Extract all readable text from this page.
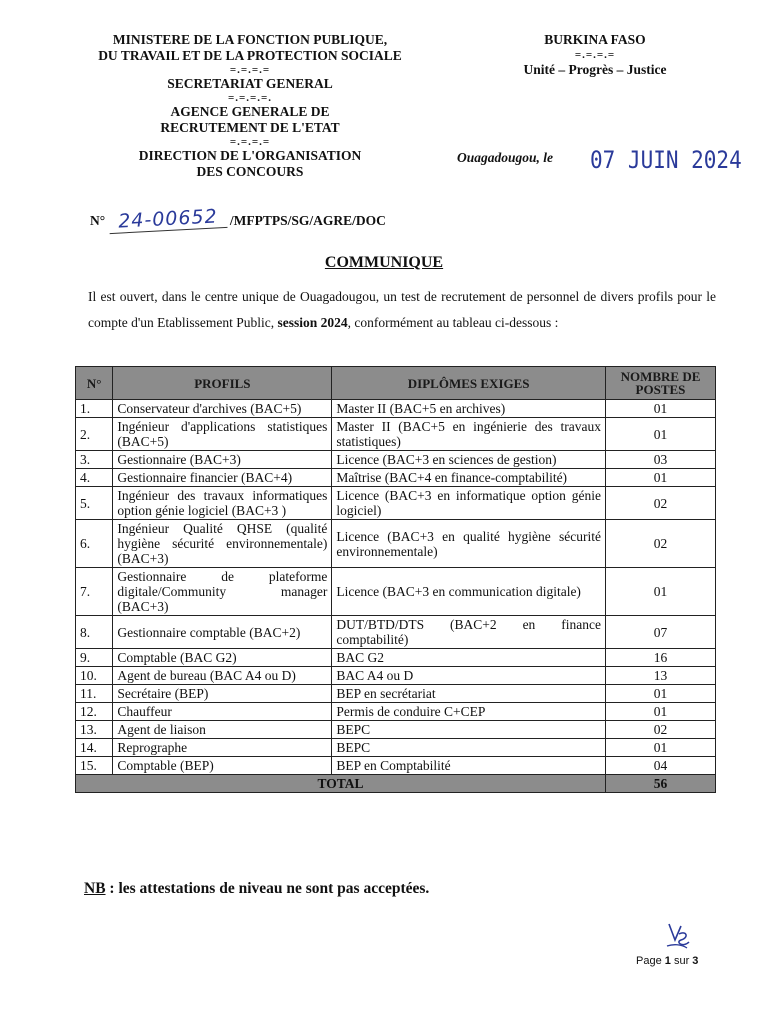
MINISTERE DE LA FONCTION PUBLIQUE,
DU TRAVAIL ET DE LA PROTECTION SOCIALE
=.=.=.=
SECRETARIAT GENERAL
=.=.=.=.
AGENCE GENERALE DE
RECRUTEMENT DE L'ETAT
=.=.=.=
DIRECTION DE L'ORGANISATION
DES CONCOURS
BURKINA FASO
=.=.=.=
Unité – Progrès – Justice
Ouagadougou, le 07 JUIN 2024
N° 24-00652 /MFPTPS/SG/AGRE/DOC
COMMUNIQUE
Il est ouvert, dans le centre unique de Ouagadougou, un test de recrutement de personnel de divers profils pour le compte d'un Etablissement Public, session 2024, conformément au tableau ci-dessous :
N°	PROFILS	DIPLÔMES EXIGES	NOMBRE DE POSTES
1.	Conservateur d'archives (BAC+5)	Master II (BAC+5 en archives)	01
2.	Ingénieur d'applications statistiques (BAC+5)	Master II (BAC+5 en ingénierie des travaux statistiques)	01
3.	Gestionnaire (BAC+3)	Licence (BAC+3 en sciences de gestion)	03
4.	Gestionnaire financier (BAC+4)	Maîtrise (BAC+4 en finance-comptabilité)	01
5.	Ingénieur des travaux informatiques option génie logiciel (BAC+3 )	Licence (BAC+3 en informatique option génie logiciel)	02
6.	Ingénieur Qualité QHSE (qualité hygiène sécurité environnementale) (BAC+3)	Licence (BAC+3 en qualité hygiène sécurité environnementale)	02
7.	Gestionnaire de plateforme digitale/Community manager (BAC+3)	Licence (BAC+3 en communication digitale)	01
8.	Gestionnaire comptable (BAC+2)	DUT/BTD/DTS (BAC+2 en finance comptabilité)	07
9.	Comptable (BAC G2)	BAC G2	16
10.	Agent de bureau (BAC A4 ou D)	BAC A4 ou D	13
11.	Secrétaire (BEP)	BEP en secrétariat	01
12.	Chauffeur	Permis de conduire C+CEP	01
13.	Agent de liaison	BEPC	02
14.	Reprographe	BEPC	01
15.	Comptable (BEP)	BEP en Comptabilité	04
TOTAL			56
NB : les attestations de niveau ne sont pas acceptées.
Page 1 sur 3
